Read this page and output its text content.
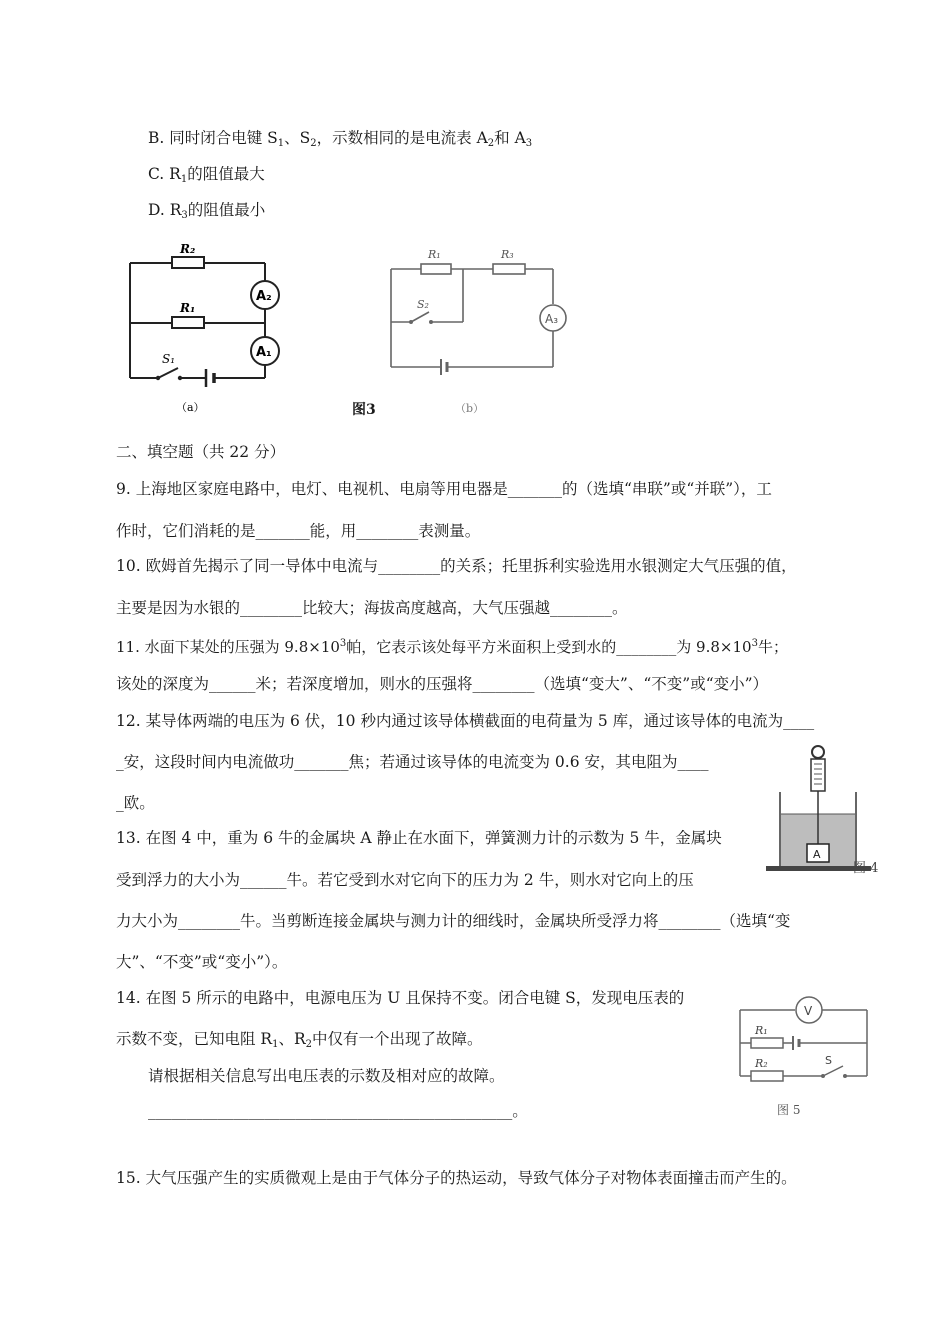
B. 同时闭合电键 $S_1$、$S_2$，示数相同的是电流表 $A_2$和 $A_3$
C. $R_1$的阻值最大
D. $R_3$的阻值最小
R₂
R₁
S₁
A₂
A₁
（a）	图3
R₁	R₃
S₂
A₃
（b）
二、填空题（共 22 分）
9. 上海地区家庭电路中，电灯、电视机、电扇等用电器是_______的（选填“串联”或“并联”），工
作时，它们消耗的是_______能，用________表测量。
10. 欧姆首先揭示了同一导体中电流与________的关系；托里拆利实验选用水银测定大气压强的值，
主要是因为水银的________比较大；海拔高度越高，大气压强越________。
11. 水面下某处的压强为 $9.8\times 10^3$帕，它表示该处每平方米面积上受到水的________为 $9.8\times 10^3$牛；
该处的深度为______米；若深度增加，则水的压强将________（选填“变大”、“不变”或“变小”）
12. 某导体两端的电压为 6 伏，10 秒内通过该导体横截面的电荷量为 5 库，通过该导体的电流为____
_安，这段时间内电流做功_______焦；若通过该导体的电流变为 0.6 安，其电阻为____
_欧。
13. 在图 4 中，重为 6 牛的金属块 A 静止在水面下，弹簧测力计的示数为 5 牛，金属块
受到浮力的大小为______牛。若它受到水对它向下的压力为 2 牛，则水对它向上的压
力大小为________牛。当剪断连接金属块与测力计的细线时，金属块所受浮力将________（选填“变
大”、“不变”或“变小”）。
A
图 4
14. 在图 5 所示的电路中，电源电压为 U 且保持不变。闭合电键 S，发现电压表的
示数不变，已知电阻 $R_1$、$R_2$中仅有一个出现了故障。
请根据相关信息写出电压表的示数及相对应的故障。
_______________________________________________。
V
R₁
R₂	S
图 5
15. 大气压强产生的实质微观上是由于气体分子的热运动，导致气体分子对物体表面撞击而产生的。
